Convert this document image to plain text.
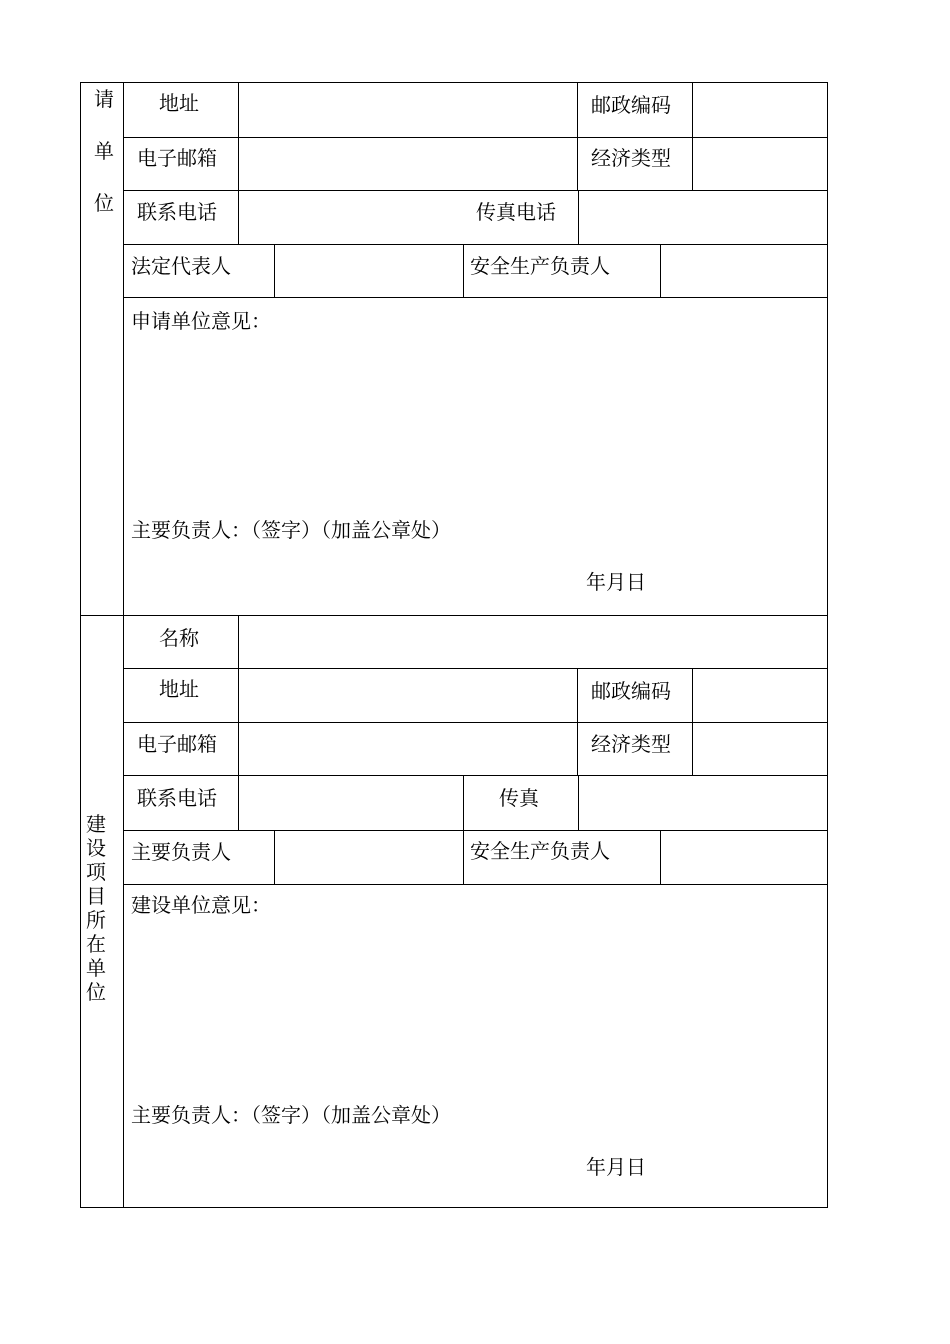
请
单
位
地址	邮政编码
电子邮箱	经济类型
联系电话	传真电话
法定代表人	安全生产负责人
申请单位意见：
主要负责人：（签字）（加盖公章处）
年月日
建
设
项
目
所
在
单
位
名称
地址	邮政编码
电子邮箱	经济类型
联系电话	传真
主要负责人	安全生产负责人
建设单位意见：
主要负责人：（签字）（加盖公章处）
年月日
